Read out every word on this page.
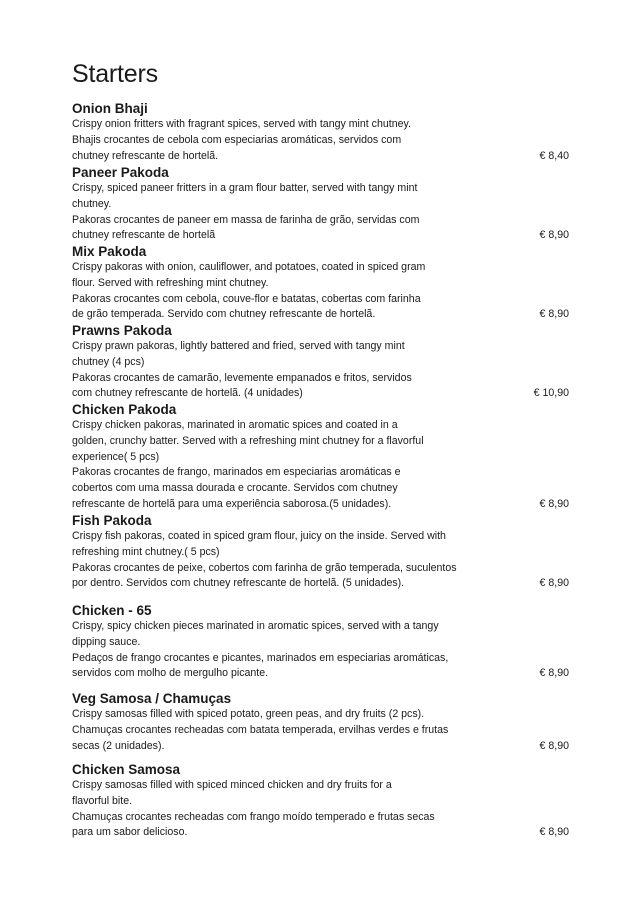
Starters
Onion Bhaji
Crispy onion fritters with fragrant spices, served with tangy mint chutney.
Bhajis crocantes de cebola com especiarias aromáticas, servidos com
chutney refrescante de hortelã.	€ 8,40
Paneer Pakoda
Crispy, spiced paneer fritters in a gram flour batter, served with tangy mint
chutney.
Pakoras crocantes de paneer em massa de farinha de grão, servidas com
chutney refrescante de hortelã	€ 8,90
Mix Pakoda
Crispy pakoras with onion, cauliflower, and potatoes, coated in spiced gram
flour. Served with refreshing mint chutney.
Pakoras crocantes com cebola, couve-flor e batatas, cobertas com farinha
de grão temperada. Servido com chutney refrescante de hortelã.	€ 8,90
Prawns Pakoda
Crispy prawn pakoras, lightly battered and fried, served with tangy mint
chutney (4 pcs)
Pakoras crocantes de camarão, levemente empanados e fritos, servidos
com chutney refrescante de hortelã. (4 unidades)	€ 10,90
Chicken Pakoda
Crispy chicken pakoras, marinated in aromatic spices and coated in a
golden, crunchy batter. Served with a refreshing mint chutney for a flavorful
experience( 5 pcs)
Pakoras crocantes de frango, marinados em especiarias aromáticas e
cobertos com uma massa dourada e crocante. Servidos com chutney
refrescante de hortelã para uma experiência saborosa.(5 unidades).	€ 8,90
Fish Pakoda
Crispy fish pakoras, coated in spiced gram flour, juicy on the inside. Served with
refreshing mint chutney.( 5 pcs)
Pakoras crocantes de peixe, cobertos com farinha de grão temperada, suculentos
por dentro. Servidos com chutney refrescante de hortelã. (5 unidades).	€ 8,90
Chicken - 65
Crispy, spicy chicken pieces marinated in aromatic spices, served with a tangy
dipping sauce.
Pedaços de frango crocantes e picantes, marinados em especiarias aromáticas,
servidos com molho de mergulho picante.	€ 8,90
Veg Samosa / Chamuças
Crispy samosas filled with spiced potato, green peas, and dry fruits (2 pcs).
Chamuças crocantes recheadas com batata temperada, ervilhas verdes e frutas
secas (2 unidades).	€ 8,90
Chicken Samosa
Crispy samosas filled with spiced minced chicken and dry fruits for a
flavorful bite.
Chamuças crocantes recheadas com frango moído temperado e frutas secas
para um sabor delicioso.	€ 8,90
